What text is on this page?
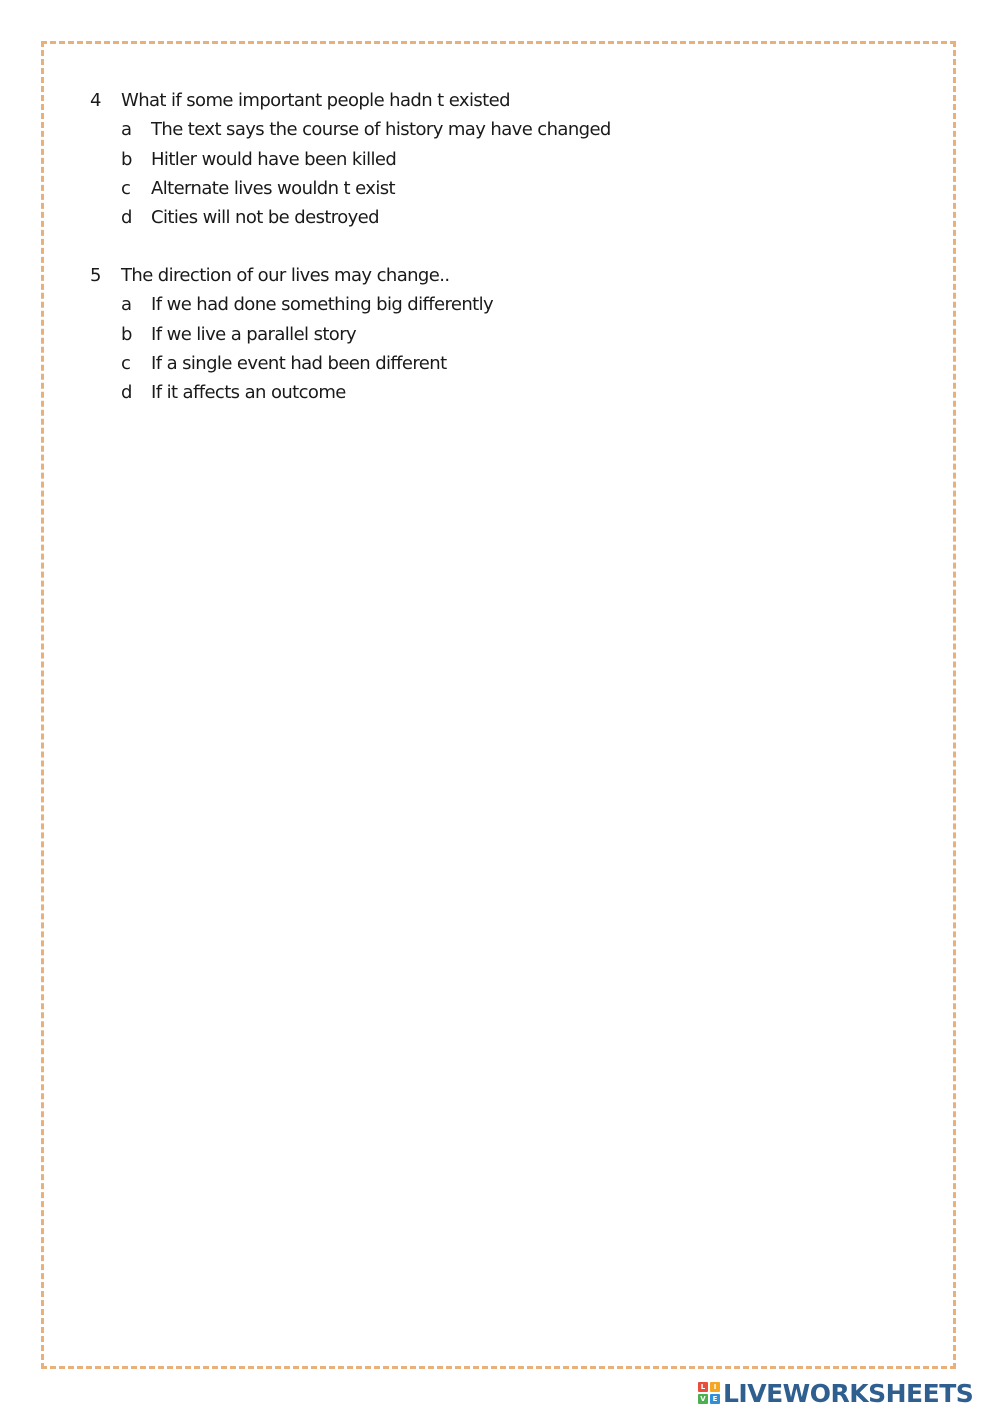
4	What if some important people hadn t existed
a	The text says the course of history may have changed
b	Hitler would have been killed
c	Alternate lives wouldn t exist
d	Cities will not be destroyed
5	The direction of our lives may change..
a	If we had done something big differently
b	If we live a parallel story
c	If a single event had been different
d	If it affects an outcome
L	I
V E LIVEWORKSHEETS
